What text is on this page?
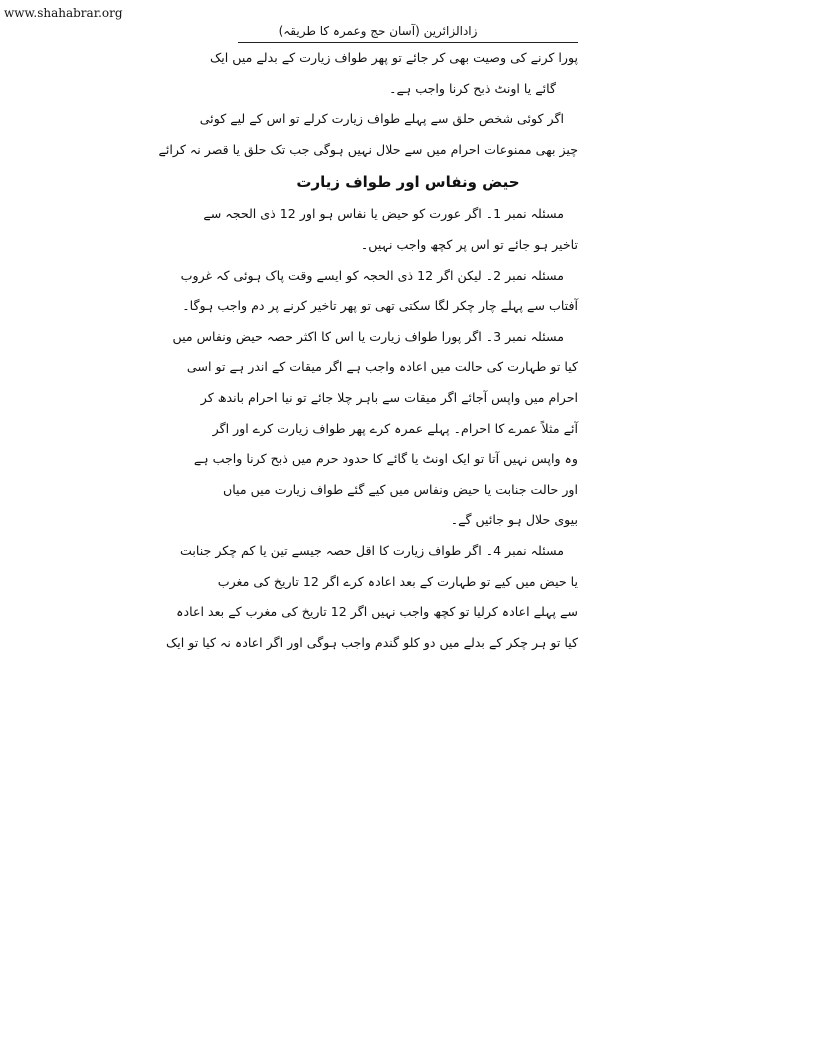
www.shahabrar.org
زادالزائرین (آسان حج وعمرہ کا طریقہ)
پورا کرنے کی وصیت بھی کر جائے تو پھر طواف زیارت کے بدلے میں ایک
گائے یا اونٹ ذبح کرنا واجب ہے۔
اگر کوئی شخص حلق سے پہلے طواف زیارت کرلے تو اس کے لیے کوئی
چیز بھی ممنوعات احرام میں سے حلال نہیں ہوگی جب تک حلق یا قصر نہ کرائے
حیض ونفاس اور طواف زیارت
مسئلہ نمبر 1۔ اگر عورت کو حیض یا نفاس ہو اور 12 ذی الحجہ سے
تاخیر ہو جائے تو اس پر کچھ واجب نہیں۔
مسئلہ نمبر 2۔ لیکن اگر 12 ذی الحجہ کو ایسے وقت پاک ہوئی کہ غروب
آفتاب سے پہلے چار چکر لگا سکتی تھی تو پھر تاخیر کرنے پر دم واجب ہوگا۔
مسئلہ نمبر 3۔ اگر پورا طواف زیارت یا اس کا اکثر حصہ حیض ونفاس میں
کیا تو طہارت کی حالت میں اعادہ واجب ہے اگر میقات کے اندر ہے تو اسی
احرام میں واپس آجائے اگر میقات سے باہر چلا جائے تو نیا احرام باندھ کر
آئے مثلاً عمرے کا احرام۔ پہلے عمرہ کرے پھر طواف زیارت کرے اور اگر
وہ واپس نہیں آتا تو ایک اونٹ یا گائے کا حدود حرم میں ذبح کرنا واجب ہے
اور حالت جنابت یا حیض ونفاس میں کیے گئے طواف زیارت میں میاں
بیوی حلال ہو جائیں گے۔
مسئلہ نمبر 4۔ اگر طواف زیارت کا اقل حصہ جیسے تین یا کم چکر جنابت
یا حیض میں کیے تو طہارت کے بعد اعادہ کرے اگر 12 تاریخ کی مغرب
سے پہلے اعادہ کرلیا تو کچھ واجب نہیں اگر 12 تاریخ کی مغرب کے بعد اعادہ
کیا تو ہر چکر کے بدلے میں دو کلو گندم واجب ہوگی اور اگر اعادہ نہ کیا تو ایک
